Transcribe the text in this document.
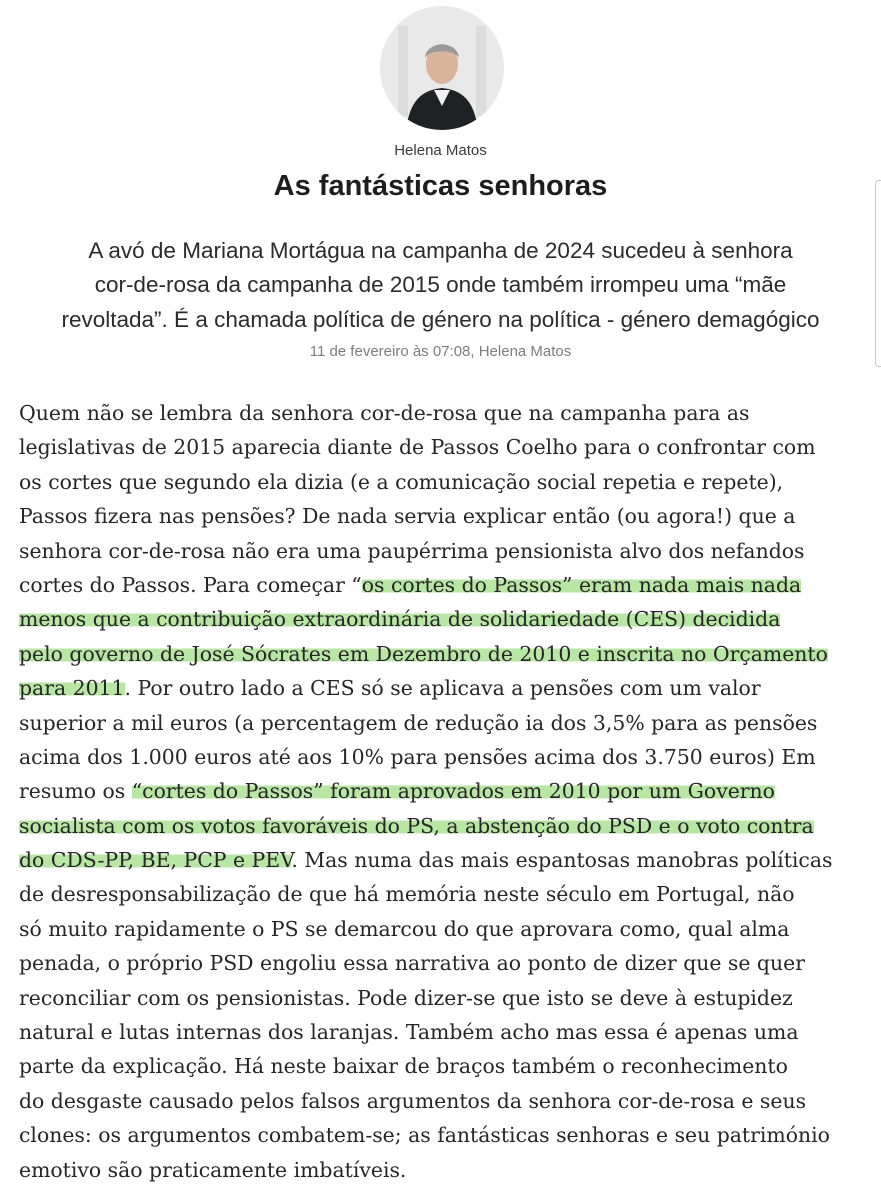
Helena Matos
As fantásticas senhoras

A avó de Mariana Mortágua na campanha de 2024 sucedeu à senhora
cor-de-rosa da campanha de 2015 onde também irrompeu uma “mãe
revoltada”. É a chamada política de género na política - género demagógico

11 de fevereiro às 07:08, Helena Matos
Quem não se lembra da senhora cor-de-rosa que na campanha para as
legislativas de 2015 aparecia diante de Passos Coelho para o confrontar com
os cortes que segundo ela dizia (e a comunicação social repetia e repete),
Passos fizera nas pensões? De nada servia explicar então (ou agora!) que a
senhora cor-de-rosa não era uma paupérrima pensionista alvo dos nefandos
cortes do Passos. Para começar “os cortes do Passos” eram nada mais nada
menos que a contribuição extraordinária de solidariedade (CES) decidida
pelo governo de José Sócrates em Dezembro de 2010 e inscrita no Orçamento
para 2011. Por outro lado a CES só se aplicava a pensões com um valor
superior a mil euros (a percentagem de redução ia dos 3,5% para as pensões
acima dos 1.000 euros até aos 10% para pensões acima dos 3.750 euros) Em
resumo os “cortes do Passos” foram aprovados em 2010 por um Governo
socialista com os votos favoráveis do PS, a abstenção do PSD e o voto contra
do CDS-PP, BE, PCP e PEV. Mas numa das mais espantosas manobras políticas
de desresponsabilização de que há memória neste século em Portugal, não
só muito rapidamente o PS se demarcou do que aprovara como, qual alma
penada, o próprio PSD engoliu essa narrativa ao ponto de dizer que se quer
reconciliar com os pensionistas. Pode dizer-se que isto se deve à estupidez
natural e lutas internas dos laranjas. Também acho mas essa é apenas uma
parte da explicação. Há neste baixar de braços também o reconhecimento
do desgaste causado pelos falsos argumentos da senhora cor-de-rosa e seus
clones: os argumentos combatem-se; as fantásticas senhoras e seu património
emotivo são praticamente imbatíveis.
